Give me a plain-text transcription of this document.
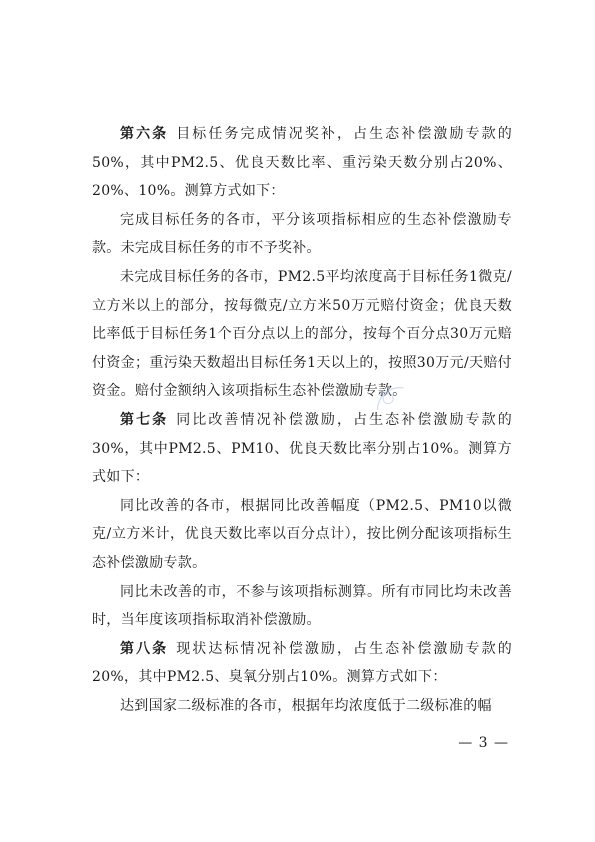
第六条 目标任务完成情况奖补，占生态补偿激励专款的50%，其中PM2.5、优良天数比率、重污染天数分别占20%、20%、10%。测算方式如下：

完成目标任务的各市，平分该项指标相应的生态补偿激励专款。未完成目标任务的市不予奖补。

未完成目标任务的各市，PM2.5平均浓度高于目标任务1微克/立方米以上的部分，按每微克/立方米50万元赔付资金；优良天数比率低于目标任务1个百分点以上的部分，按每个百分点30万元赔付资金；重污染天数超出目标任务1天以上的，按照30万元/天赔付资金。赔付金额纳入该项指标生态补偿激励专款。

第七条 同比改善情况补偿激励，占生态补偿激励专款的30%，其中PM2.5、PM10、优良天数比率分别占10%。测算方式如下：

同比改善的各市，根据同比改善幅度（PM2.5、PM10以微克/立方米计，优良天数比率以百分点计），按比例分配该项指标生态补偿激励专款。

同比未改善的市，不参与该项指标测算。所有市同比均未改善时，当年度该项指标取消补偿激励。

第八条 现状达标情况补偿激励，占生态补偿激励专款的20%，其中PM2.5、臭氧分别占10%。测算方式如下：

达到国家二级标准的各市，根据年均浓度低于二级标准的幅

— 3 —
